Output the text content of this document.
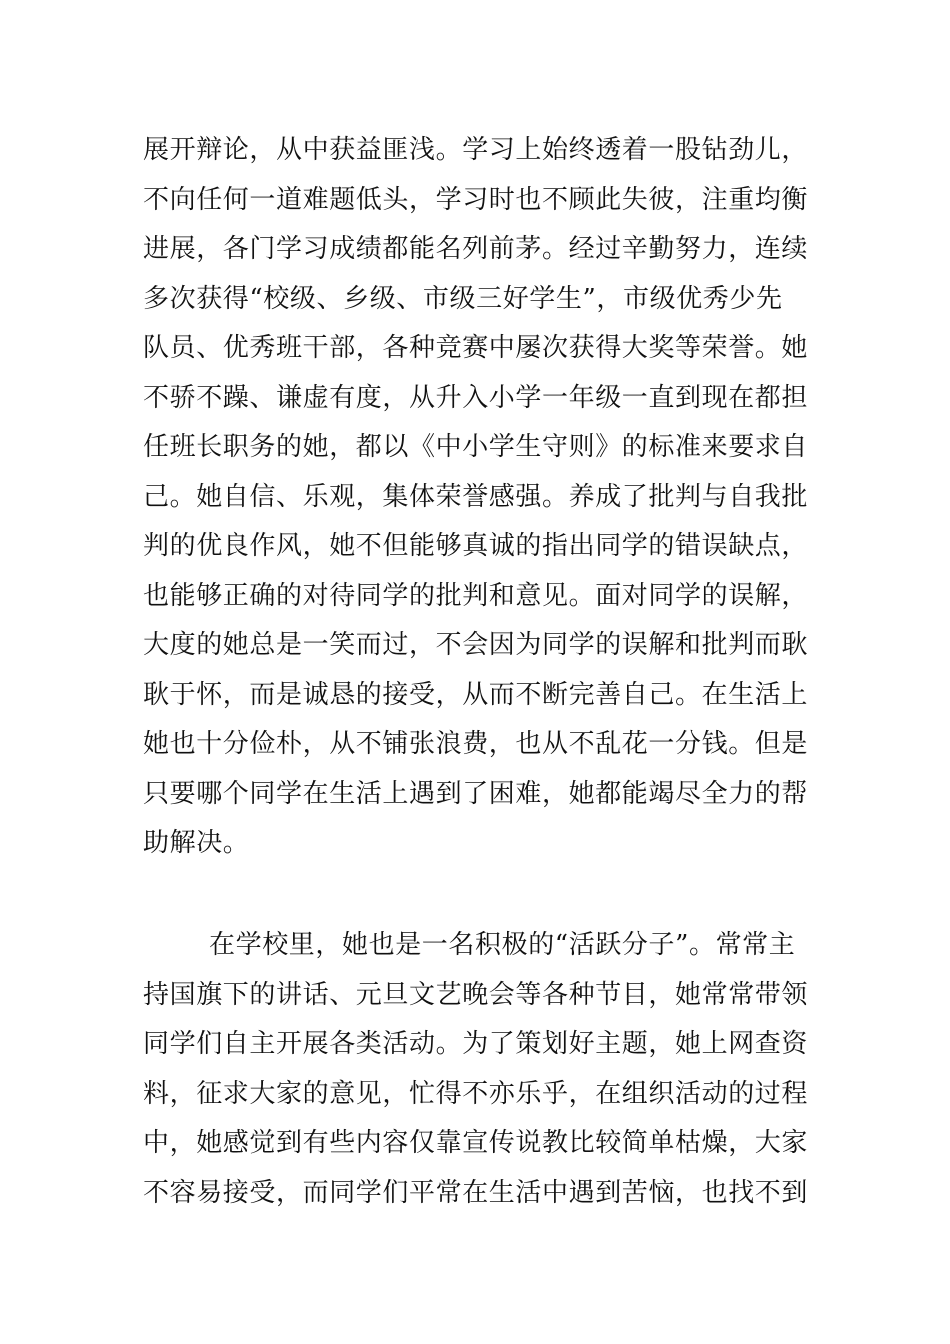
展开辩论，从中获益匪浅。学习上始终透着一股钻劲儿，
不向任何一道难题低头，学习时也不顾此失彼，注重均衡
进展，各门学习成绩都能名列前茅。经过辛勤努力，连续
多次获得“校级、乡级、市级三好学生”，市级优秀少先
队员、优秀班干部，各种竞赛中屡次获得大奖等荣誉。她
不骄不躁、谦虚有度，从升入小学一年级一直到现在都担
任班长职务的她，都以《中小学生守则》的标准来要求自
己。她自信、乐观，集体荣誉感强。养成了批判与自我批
判的优良作风，她不但能够真诚的指出同学的错误缺点，
也能够正确的对待同学的批判和意见。面对同学的误解，
大度的她总是一笑而过，不会因为同学的误解和批判而耿
耿于怀，而是诚恳的接受，从而不断完善自己。在生活上
她也十分俭朴，从不铺张浪费，也从不乱花一分钱。但是
只要哪个同学在生活上遇到了困难，她都能竭尽全力的帮
助解决。
在学校里，她也是一名积极的“活跃分子”。常常主
持国旗下的讲话、元旦文艺晚会等各种节目，她常常带领
同学们自主开展各类活动。为了策划好主题，她上网查资
料，征求大家的意见，忙得不亦乐乎，在组织活动的过程
中，她感觉到有些内容仅靠宣传说教比较简单枯燥，大家
不容易接受，而同学们平常在生活中遇到苦恼，也找不到
